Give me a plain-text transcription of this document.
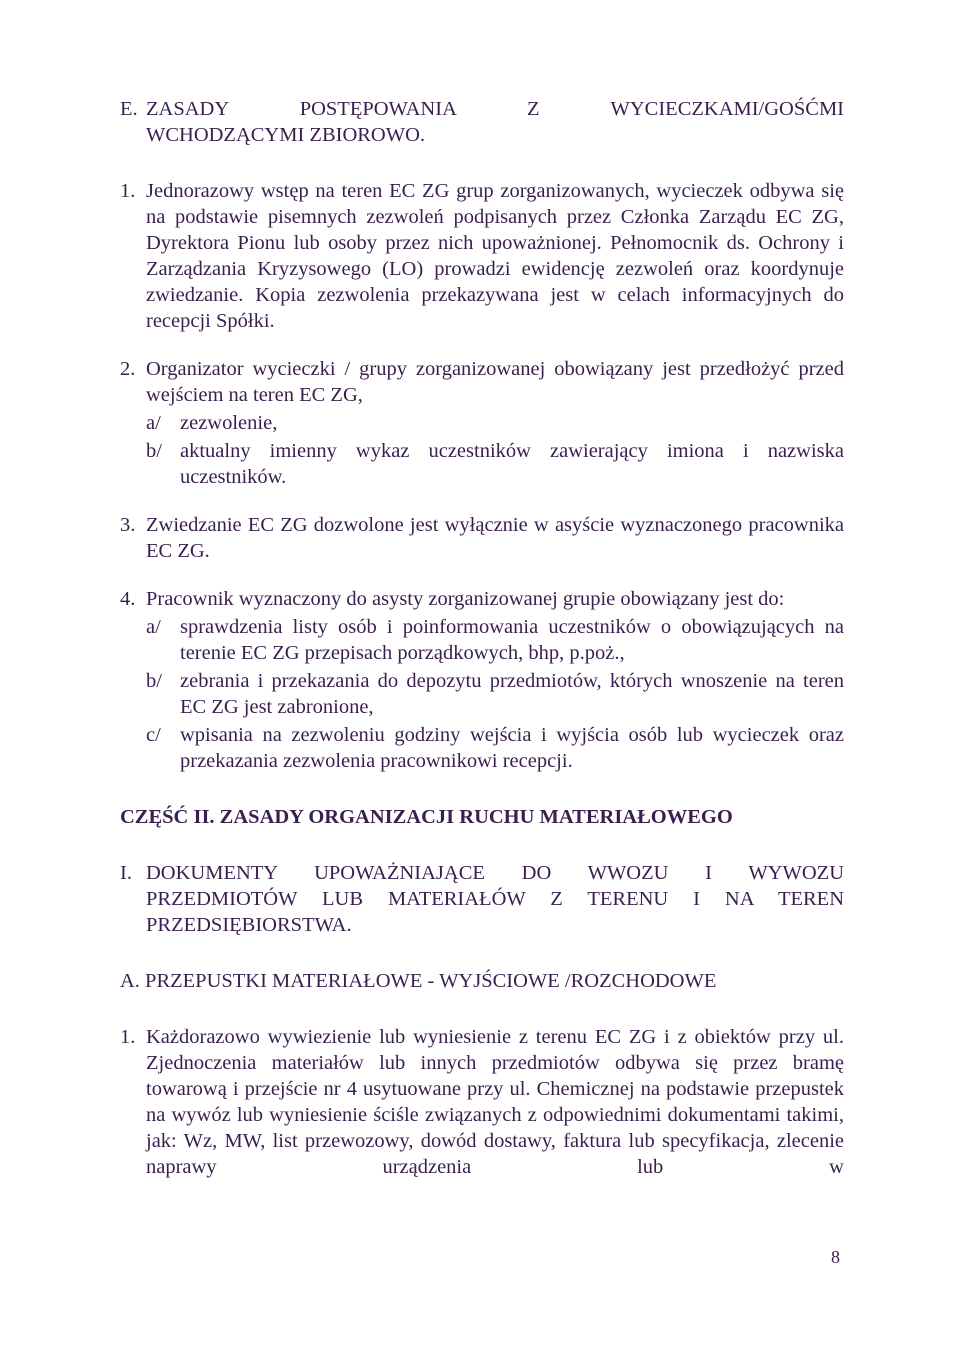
E. ZASADY POSTĘPOWANIA Z WYCIECZKAMI/GOŚĆMI
WCHODZĄCYMI ZBIOROWO.
1. Jednorazowy wstęp na teren EC ZG grup zorganizowanych, wycieczek odbywa się na podstawie pisemnych zezwoleń podpisanych przez Członka Zarządu EC ZG, Dyrektora Pionu lub osoby przez nich upoważnionej. Pełnomocnik ds. Ochrony i Zarządzania Kryzysowego (LO) prowadzi ewidencję zezwoleń oraz koordynuje zwiedzanie. Kopia zezwolenia przekazywana jest w celach informacyjnych do recepcji Spółki.
2. Organizator wycieczki / grupy zorganizowanej obowiązany jest przedłożyć przed wejściem na teren EC ZG,
a/ zezwolenie,
b/ aktualny imienny wykaz uczestników zawierający imiona i nazwiska uczestników.
3. Zwiedzanie EC ZG dozwolone jest wyłącznie w asyście wyznaczonego pracownika EC ZG.
4. Pracownik wyznaczony do asysty zorganizowanej grupie obowiązany jest do:
a/ sprawdzenia listy osób i poinformowania uczestników o obowiązujących na terenie EC ZG przepisach porządkowych, bhp, p.poż.,
b/ zebrania i przekazania do depozytu przedmiotów, których wnoszenie na teren EC ZG jest zabronione,
c/ wpisania na zezwoleniu godziny wejścia i wyjścia osób lub wycieczek oraz przekazania zezwolenia pracownikowi recepcji.
CZĘŚĆ II. ZASADY ORGANIZACJI RUCHU MATERIAŁOWEGO
I. DOKUMENTY UPOWAŻNIAJĄCE DO WWOZU I WYWOZU
PRZEDMIOTÓW LUB MATERIAŁÓW Z TERENU I NA TEREN
PRZEDSIĘBIORSTWA.
A. PRZEPUSTKI MATERIAŁOWE - WYJŚCIOWE /ROZCHODOWE
1. Każdorazowo wywiezienie lub wyniesienie z terenu EC ZG i z obiektów przy ul. Zjednoczenia materiałów lub innych przedmiotów odbywa się przez bramę towarową i przejście nr 4 usytuowane przy ul. Chemicznej na podstawie przepustek na wywóz lub wyniesienie ściśle związanych z odpowiednimi dokumentami takimi, jak: Wz, MW, list przewozowy, dowód dostawy, faktura lub specyfikacja, zlecenie naprawy urządzenia lub w
8
